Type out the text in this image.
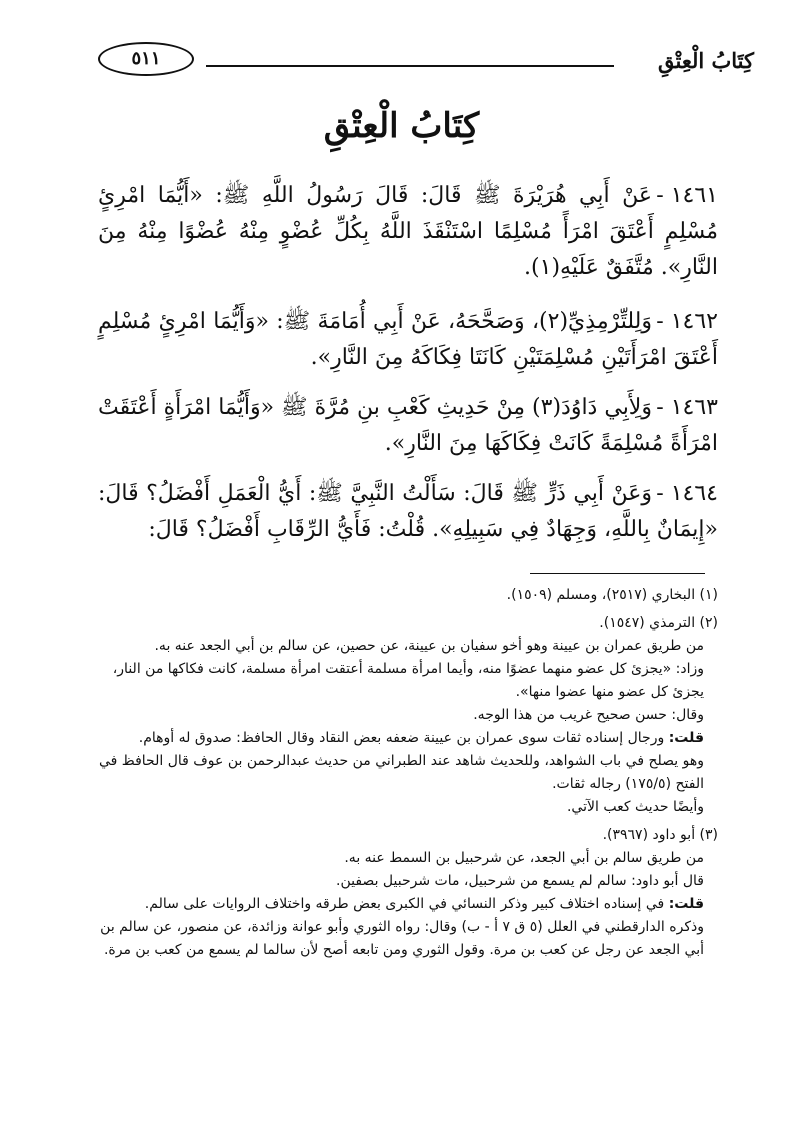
كِتَابُ الْعِتْقِ
٥١١
كِتَابُ الْعِتْقِ
عَنْ أَبِي هُرَيْرَةَ ﷺ قَالَ: قَالَ رَسُولُ اللَّهِ ﷺ: «أَيُّمَا امْرِئٍ مُسْلِمٍ أَعْتَقَ امْرَأً مُسْلِمًا اسْتَنْقَذَ اللَّهُ بِكُلِّ عُضْوٍ مِنْهُ عُضْوًا مِنْهُ مِنَ النَّارِ». مُتَّفَقٌ عَلَيْهِ(١).
١٤٦١ -
وَلِلتِّرْمِذِيِّ(٢)، وَصَحَّحَهُ، عَنْ أَبِي أُمَامَةَ ﷺ: «وَأَيُّمَا امْرِئٍ مُسْلِمٍ أَعْتَقَ امْرَأَتَيْنِ مُسْلِمَتَيْنِ كَانَتَا فِكَاكَهُ مِنَ النَّارِ».
١٤٦٢ -
وَلِأَبِي دَاوُدَ(٣) مِنْ حَدِيثِ كَعْبِ بنِ مُرَّةَ ﷺ «وَأَيُّمَا امْرَأَةٍ أَعْتَقَتْ امْرَأَةً مُسْلِمَةً كَانَتْ فِكَاكَهَا مِنَ النَّارِ».
١٤٦٣ -
وَعَنْ أَبِي ذَرٍّ ﷺ قَالَ: سَأَلْتُ النَّبِيَّ ﷺ: أَيُّ الْعَمَلِ أَفْضَلُ؟ قَالَ: «إِيمَانٌ بِاللَّهِ، وَجِهَادٌ فِي سَبِيلِهِ». قُلْتُ: فَأَيُّ الرِّقَابِ أَفْضَلُ؟ قَالَ:
١٤٦٤ -
(١) البخاري (٢٥١٧)، ومسلم (١٥٠٩).
(٢) الترمذي (١٥٤٧).
من طريق عمران بن عيينة وهو أخو سفيان بن عيينة، عن حصين، عن سالم بن أبي الجعد عنه به.
وزاد: «يجزئ كل عضو منهما عضوًا منه، وأيما امرأة مسلمة أعتقت امرأة مسلمة، كانت فكاكها من النار، يجزئ كل عضو منها عضوا منها».
وقال: حسن صحيح غريب من هذا الوجه.
قلت: ورجال إسناده ثقات سوى عمران بن عيينة ضعفه بعض النقاد وقال الحافظ: صدوق له أوهام.
وهو يصلح في باب الشواهد، وللحديث شاهد عند الطبراني من حديث عبدالرحمن بن عوف قال الحافظ في الفتح (١٧٥/٥) رجاله ثقات.
وأيضًا حديث كعب الآتي.
(٣) أبو داود (٣٩٦٧).
من طريق سالم بن أبي الجعد، عن شرحبيل بن السمط عنه به.
قال أبو داود: سالم لم يسمع من شرحبيل، مات شرحبيل بصفين.
قلت: في إسناده اختلاف كبير وذكر النسائي في الكبرى بعض طرقه واختلاف الروايات على سالم.
وذكره الدارقطني في العلل (٥ ق ٧ أ - ب) وقال: رواه الثوري وأبو عوانة وزائدة، عن منصور، عن سالم بن أبي الجعد عن رجل عن كعب بن مرة. وقول الثوري ومن تابعه أصح لأن سالما لم يسمع من كعب بن مرة.
